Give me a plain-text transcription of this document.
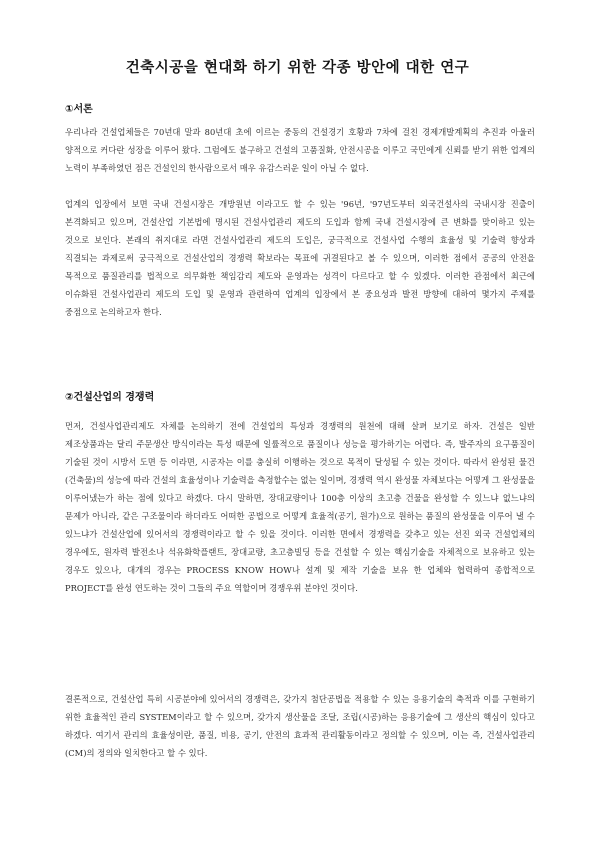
건축시공을 현대화 하기 위한 각종 방안에 대한 연구
①서론
우리나라 건설업체들은 70년대 말과 80년대 초에 이르는 중동의 건설경기 호황과 7차에 걸친 경제개발계획의 추진과 아울러 양적으로 커다란 성장을 이루어 왔다. 그럼에도 불구하고 건설의 고품질화, 안전시공을 이루고 국민에게 신뢰를 받기 위한 업계의 노력이 부족하였던 점은 건설인의 한사람으로서 매우 유감스러운 일이 아닐 수 없다.
업계의 입장에서 보면 국내 건설시장은 개방원년 이라고도 할 수 있는 '96년, '97년도부터 외국건설사의 국내시장 진출이 본격화되고 있으며, 건설산업 기본법에 명시된 건설사업관리 제도의 도입과 함께 국내 건설시장에 큰 변화를 맞이하고 있는 것으로 보인다. 본래의 취지대로 라면 건설사업관리 제도의 도입은, 궁극적으로 건설사업 수행의 효율성 및 기술력 향상과 직결되는 과제로써 궁극적으로 건설산업의 경쟁력 확보라는 목표에 귀결된다고 볼 수 있으며, 이러한 점에서 공공의 안전을 목적으로 품질관리를 법적으로 의무화한 책임감리 제도와 운영과는 성격이 다르다고 할 수 있겠다. 이러한 관점에서 최근에 이슈화된 건설사업관리 제도의 도입 및 운영과 관련하여 업계의 입장에서 본 중요성과 발전 방향에 대하여 몇가지 주제를 중점으로 논의하고자 한다.
②건설산업의 경쟁력
먼저, 건설사업관리제도 자체를 논의하기 전에 건설업의 특성과 경쟁력의 원천에 대해 살펴 보기로 하자. 건설은 일반 제조상품과는 달리 주문생산 방식이라는 특성 때문에 일률적으로 품질이나 성능을 평가하기는 어렵다. 즉, 발주자의 요구품질이 기술된 것이 시방서 도면 등 이라면, 시공자는 이를 충실히 이행하는 것으로 목적이 달성될 수 있는 것이다. 따라서 완성된 물건(건축물)의 성능에 따라 건설의 효율성이나 기술력을 측정할수는 없는 일이며, 경쟁력 역시 완성물 자체보다는 어떻게 그 완성물을 이루어냈는가 하는 점에 있다고 하겠다. 다시 말하면, 장대교량이나 100층 이상의 초고층 건물을 완성할 수 있느냐 없느냐의 문제가 아니라, 같은 구조물이라 하더라도 어떠한 공법으로 어떻게 효율적(공기, 원가)으로 원하는 품질의 완성물을 이루어 낼 수 있느냐가 건설산업에 있어서의 경쟁력이라고 할 수 있을 것이다. 이러한 면에서 경쟁력을 갖추고 있는 선진 외국 건설업체의 경우에도, 원자력 발전소나 석유화학플랜트, 장대교량, 초고층빌딩 등을 건설할 수 있는 핵심기술을 자체적으로 보유하고 있는 경우도 있으나, 대개의 경우는 PROCESS KNOW HOW나 설계 및 제작 기술을 보유 한 업체와 협력하여 종합적으로 PROJECT를 완성 연도하는 것이 그들의 주요 역할이며 경쟁우위 분야인 것이다.
결론적으로, 건설산업 특히 시공분야에 있어서의 경쟁력은, 갖가지 첨단공법을 적용할 수 있는 응용기술의 축적과 이를 구현하기 위한 효율적인 관리 SYSTEM이라고 할 수 있으며, 갖가지 생산물을 조달, 조립(시공)하는 응용기술에 그 생산의 핵심이 있다고 하겠다. 여기서 관리의 효율성이란, 품질, 비용, 공기, 안전의 효과적 관리활동이라고 정의할 수 있으며, 이는 즉, 건설사업관리(CM)의 정의와 일치한다고 할 수 있다.
